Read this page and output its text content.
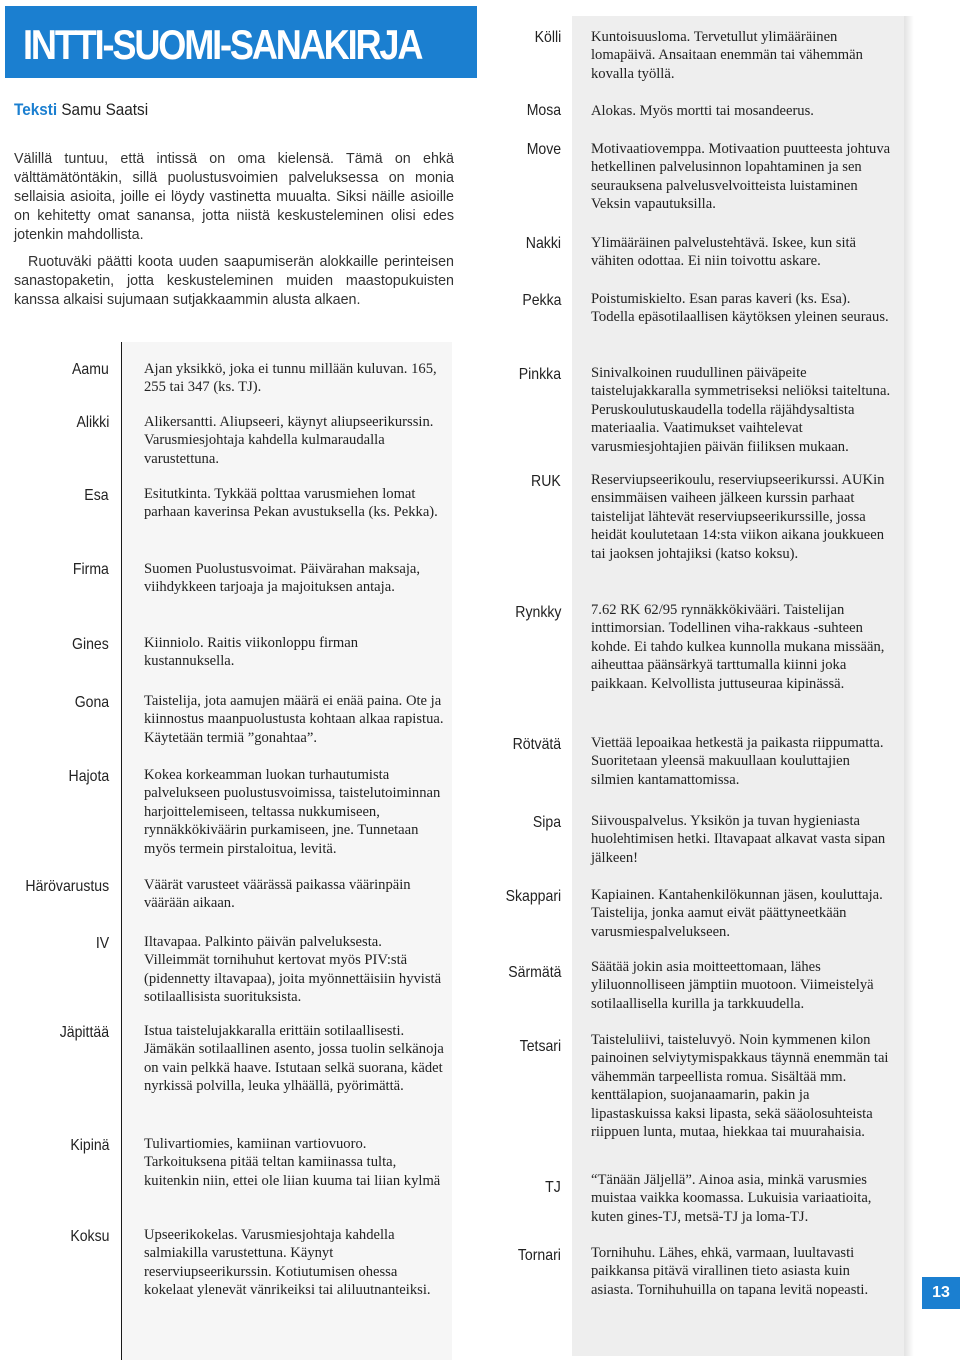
INTTI-SUOMI-SANAKIRJA
Teksti Samu Saatsi
Välillä tuntuu, että intissä on oma kielensä. Tämä on ehkä välttämätöntäkin, sillä puolustusvoimien palveluksessa on monia sellaisia asioita, joille ei löydy vastinetta muualta. Siksi näille asioille on kehitetty omat sanansa, jotta niistä keskusteleminen olisi edes jotenkin mahdollista.
Ruotuväki päätti koota uuden saapumiserän alokkaille perinteisen sanastopaketin, jotta keskusteleminen muiden maastopukuisten kanssa alkaisi sujumaan sutjakkaammin alusta alkaen.
Aamu Ajan yksikkö, joka ei tunnu millään kuluvan. 165, 255 tai 347 (ks. TJ).
Alikki Alikersantti. Aliupseeri, käynyt aliupseerikurssin. Varusmiesjohtaja kahdella kulmaraudalla varustettuna.
Esa Esitutkinta. Tykkää polttaa varusmiehen lomat parhaan kaverinsa Pekan avustuksella (ks. Pekka).
Firma Suomen Puolustusvoimat. Päivärahan maksaja, viihdykkeen tarjoaja ja majoituksen antaja.
Gines Kiinniolo. Raitis viikonloppu firman kustannuksella.
Gona Taistelija, jota aamujen määrä ei enää paina. Ote ja kiinnostus maanpuolustusta kohtaan alkaa rapistua. Käytetään termiä ”gonahtaa”.
Hajota Kokea korkeamman luokan turhautumista palvelukseen puolustusvoimissa, taistelutoiminnan harjoittelemiseen, teltassa nukkumiseen, rynnäkkökiväärin purkamiseen, jne. Tunnetaan myös termein pirstaloitua, levitä.
Härövarustus Väärät varusteet väärässä paikassa väärinpäin väärään aikaan.
IV Iltavapaa. Palkinto päivän palveluksesta. Villeimmät tornihuhut kertovat myös PIV:stä (pidennetty iltavapaa), joita myönnettäisiin hyvistä sotilaallisista suorituksista.
Jäpittää Istua taistelujakkaralla erittäin sotilaallisesti. Jämäkän sotilaallinen asento, jossa tuolin selkänoja on vain pelkkä haave. Istutaan selkä suorana, kädet nyrkissä polvilla, leuka ylhäällä, pyörimättä.
Kipinä Tulivartiomies, kamiinan vartiovuoro. Tarkoituksena pitää teltan kamiinassa tulta, kuitenkin niin, ettei ole liian kuuma tai liian kylmä
Koksu Upseerikokelas. Varusmiesjohtaja kahdella salmiakilla varustettuna. Käynyt reserviupseerikurssin. Kotiutumisen ohessa kokelaat ylenevät vänrikeiksi tai aliluutnanteiksi.
Kölli Kuntoisuusloma. Tervetullut ylimääräinen lomapäivä. Ansaitaan enemmän tai vähemmän kovalla työllä.
Mosa Alokas. Myös mortti tai mosandeerus.
Move Motivaatiovemppa. Motivaation puutteesta johtuva hetkellinen palvelusinnon lopahtaminen ja sen seurauksena palvelusvelvoitteista luistaminen Veksin vapautuksilla.
Nakki Ylimääräinen palvelustehtävä. Iskee, kun sitä vähiten odottaa. Ei niin toivottu askare.
Pekka Poistumiskielto. Esan paras kaveri (ks. Esa). Todella epäsotilaallisen käytöksen yleinen seuraus.
Pinkka Sinivalkoinen ruudullinen päiväpeite taistelujakkaralla symmetriseksi neliöksi taiteltuna. Peruskoulutuskaudella todella räjähdysaltista materiaalia. Vaatimukset vaihtelevat varusmiesjohtajien päivän fiiliksen mukaan.
RUK Reserviupseerikoulu, reserviupseerikurssi. AUKin ensimmäisen vaiheen jälkeen kurssin parhaat taistelijat lähtevät reserviupseerikurssille, jossa heidät koulutetaan 14:sta viikon aikana joukkueen tai jaoksen johtajiksi (katso koksu).
Rynkky 7.62 RK 62/95 rynnäkkökivääri. Taistelijan inttimorsian. Todellinen viha-rakkaus -suhteen kohde. Ei tahdo kulkea kunnolla mukana missään, aiheuttaa päänsärkyä tarttumalla kiinni joka paikkaan. Kelvollista juttuseuraa kipinässä.
Rötvätä Viettää lepoaikaa hetkestä ja paikasta riippumatta. Suoritetaan yleensä makuullaan kouluttajien silmien kantamattomissa.
Sipa Siivouspalvelus. Yksikön ja tuvan hygieniasta huolehtimisen hetki. Iltavapaat alkavat vasta sipan jälkeen!
Skappari Kapiainen. Kantahenkilökunnan jäsen, kouluttaja. Taistelija, jonka aamut eivät päättyneetkään varusmiespalvelukseen.
Särmätä Säätää jokin asia moitteettomaan, lähes yliluonnolliseen jämptiin muotoon. Viimeistelyä sotilaallisella kurilla ja tarkkuudella.
Tetsari Taisteluliivi, taisteluvyö. Noin kymmenen kilon painoinen selviytymispakkaus täynnä enemmän tai vähemmän tarpeellista romua. Sisältää mm. kenttälapion, suojanaamarin, pakin ja lipastaskuissa kaksi lipasta, sekä sääolosuhteista riippuen lunta, mutaa, hiekkaa tai muurahaisia.
TJ “Tänään Jäljellä”. Ainoa asia, minkä varusmies muistaa vaikka koomassa. Lukuisia variaatioita, kuten gines-TJ, metsä-TJ ja loma-TJ.
Tornari Tornihuhu. Lähes, ehkä, varmaan, luultavasti paikkansa pitävä virallinen tieto asiasta kuin asiasta. Tornihuhuilla on tapana levitä nopeasti.	13
